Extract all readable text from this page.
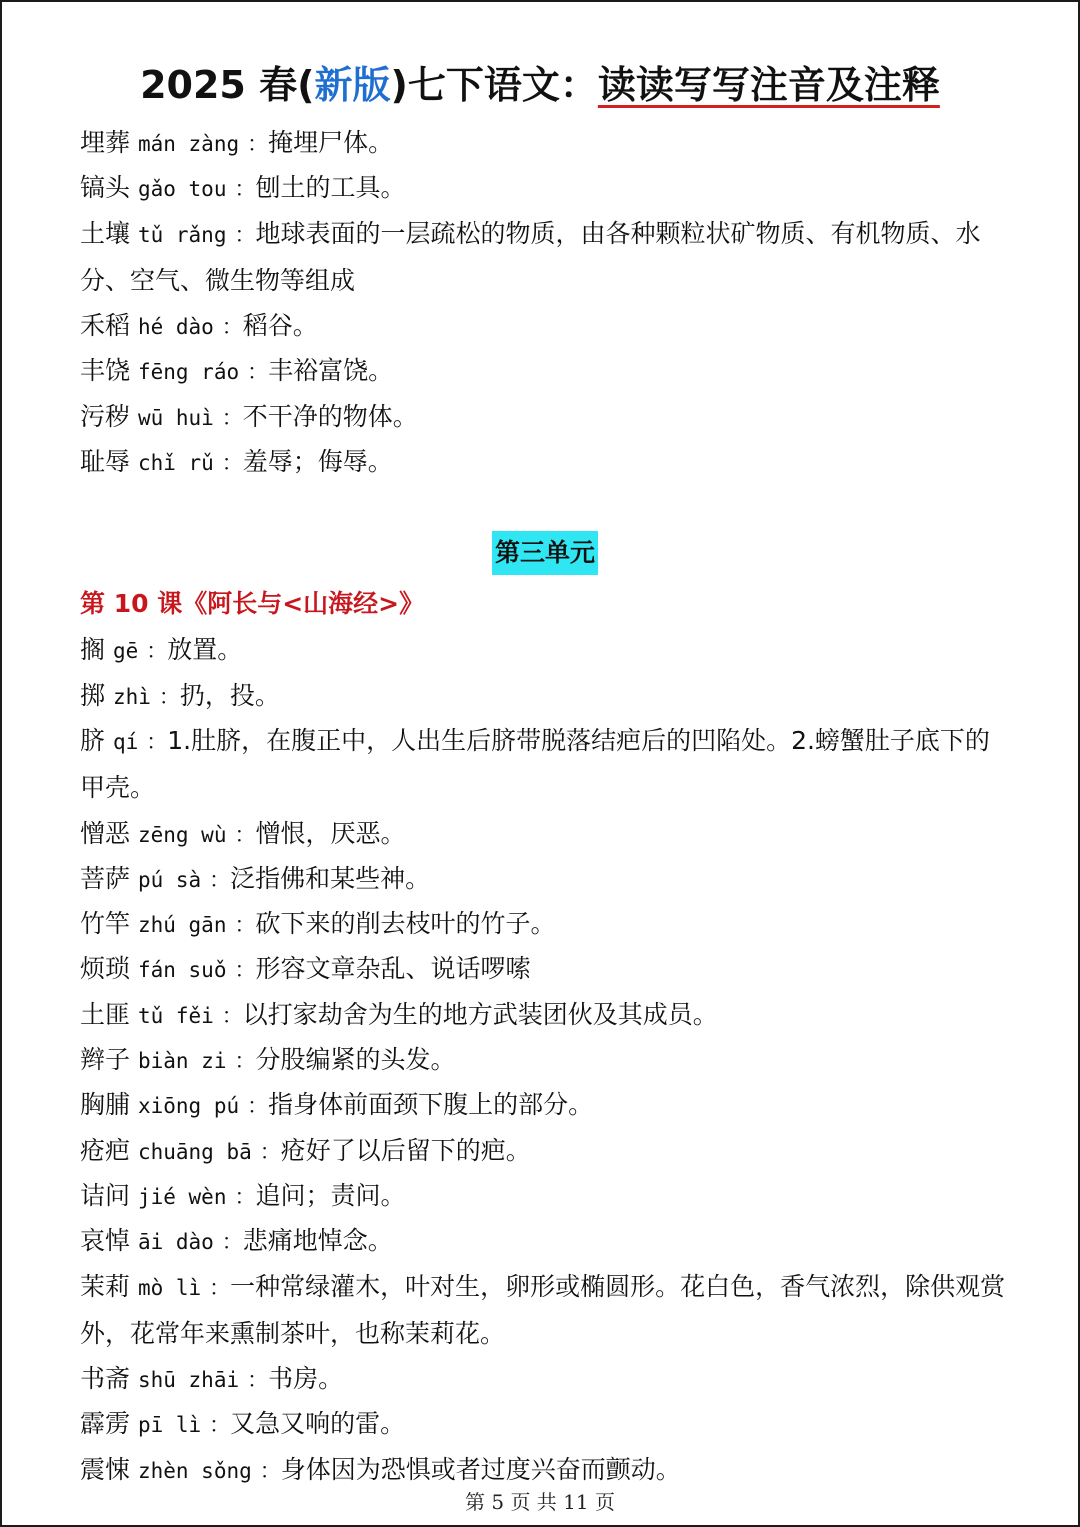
2025 春(新版)七下语文：读读写写注音及注释
埋葬 mán zàng ：掩埋尸体。
镐头 gǎo tou ：刨土的工具。
土壤 tǔ rǎng ：地球表面的一层疏松的物质，由各种颗粒状矿物质、有机物质、水分、空气、微生物等组成
禾稻 hé dào ：稻谷。
丰饶 fēng ráo ：丰裕富饶。
污秽 wū huì ：不干净的物体。
耻辱 chǐ rǔ ：羞辱；侮辱。
第三单元
第 10 课《阿长与<山海经>》
搁 gē ：放置。
掷 zhì ：扔，投。
脐 qí ：1.肚脐，在腹正中，人出生后脐带脱落结疤后的凹陷处。2.螃蟹肚子底下的甲壳。
憎恶 zēng wù ：憎恨，厌恶。
菩萨 pú sà ：泛指佛和某些神。
竹竿 zhú gān ：砍下来的削去枝叶的竹子。
烦琐 fán suǒ ：形容文章杂乱、说话啰嗦
土匪 tǔ fěi ：以打家劫舍为生的地方武装团伙及其成员。
辫子 biàn zi ：分股编紧的头发。
胸脯 xiōng pú ：指身体前面颈下腹上的部分。
疮疤 chuāng bā ：疮好了以后留下的疤。
诘问 jié wèn ：追问；责问。
哀悼 āi dào ：悲痛地悼念。
茉莉 mò lì ：一种常绿灌木，叶对生，卵形或椭圆形。花白色，香气浓烈，除供观赏外，花常年来熏制茶叶，也称茉莉花。
书斋 shū zhāi ：书房。
霹雳 pī lì ：又急又响的雷。
震悚 zhèn sǒng ：身体因为恐惧或者过度兴奋而颤动。
第 5 页 共 11 页
